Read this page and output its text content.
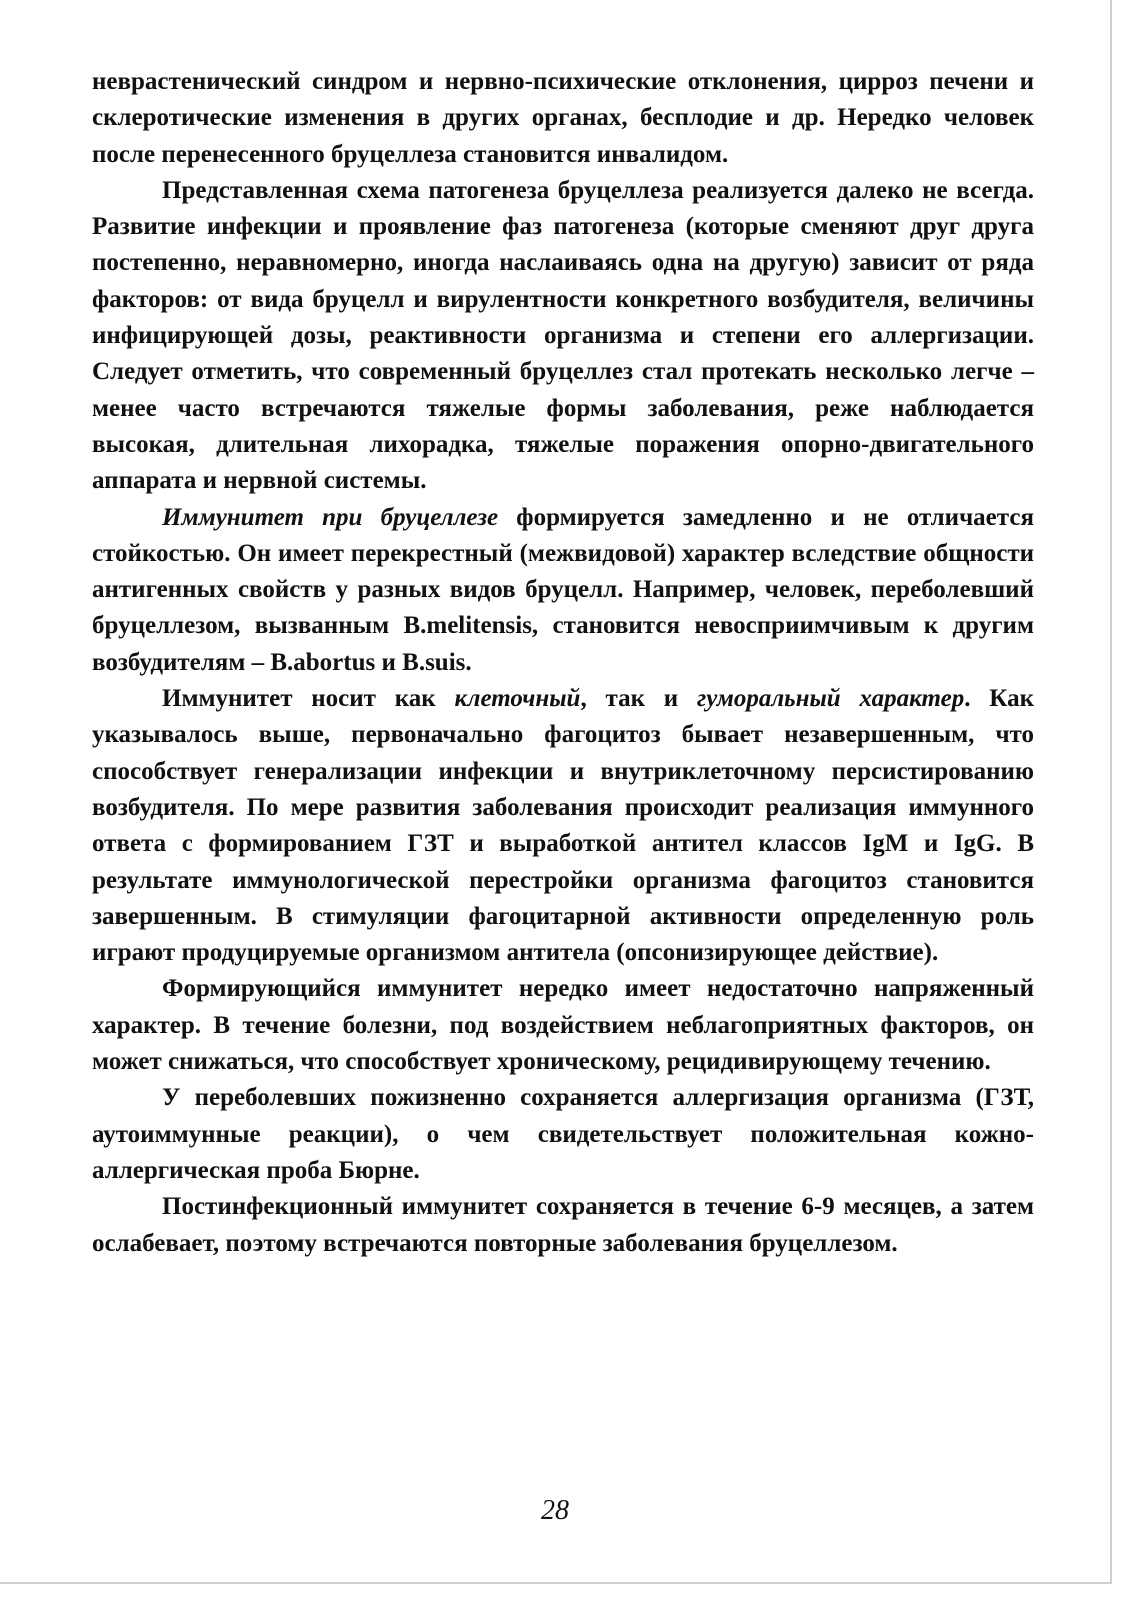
неврастенический синдром и нервно-психические отклонения, цирроз печени и склеротические изменения в других органах, бесплодие и др. Нередко человек после перенесенного бруцеллеза становится инвалидом.

Представленная схема патогенеза бруцеллеза реализуется далеко не всегда. Развитие инфекции и проявление фаз патогенеза (которые сменяют друг друга постепенно, неравномерно, иногда наслаиваясь одна на другую) зависит от ряда факторов: от вида бруцелл и вирулентности конкретного возбудителя, величины инфицирующей дозы, реактивности организма и степени его аллергизации. Следует отметить, что современный бруцеллез стал протекать несколько легче – менее часто встречаются тяжелые формы заболевания, реже наблюдается высокая, длительная лихорадка, тяжелые поражения опорно-двигательного аппарата и нервной системы.

Иммунитет при бруцеллезе формируется замедленно и не отличается стойкостью. Он имеет перекрестный (межвидовой) характер вследствие общности антигенных свойств у разных видов бруцелл. Например, человек, переболевший бруцеллезом, вызванным B.melitensis, становится невосприимчивым к другим возбудителям – B.abortus и B.suis.

Иммунитет носит как клеточный, так и гуморальный характер. Как указывалось выше, первоначально фагоцитоз бывает незавершенным, что способствует генерализации инфекции и внутриклеточному персистированию возбудителя. По мере развития заболевания происходит реализация иммунного ответа с формированием ГЗТ и выработкой антител классов IgM и IgG. В результате иммунологической перестройки организма фагоцитоз становится завершенным. В стимуляции фагоцитарной активности определенную роль играют продуцируемые организмом антитела (опсонизирующее действие).

Формирующийся иммунитет нередко имеет недостаточно напряженный характер. В течение болезни, под воздействием неблагоприятных факторов, он может снижаться, что способствует хроническому, рецидивирующему течению.

У переболевших пожизненно сохраняется аллергизация организма (ГЗТ, аутоиммунные реакции), о чем свидетельствует положительная кожно-аллергическая проба Бюрне.

Постинфекционный иммунитет сохраняется в течение 6-9 месяцев, а затем ослабевает, поэтому встречаются повторные заболевания бруцеллезом.

28
